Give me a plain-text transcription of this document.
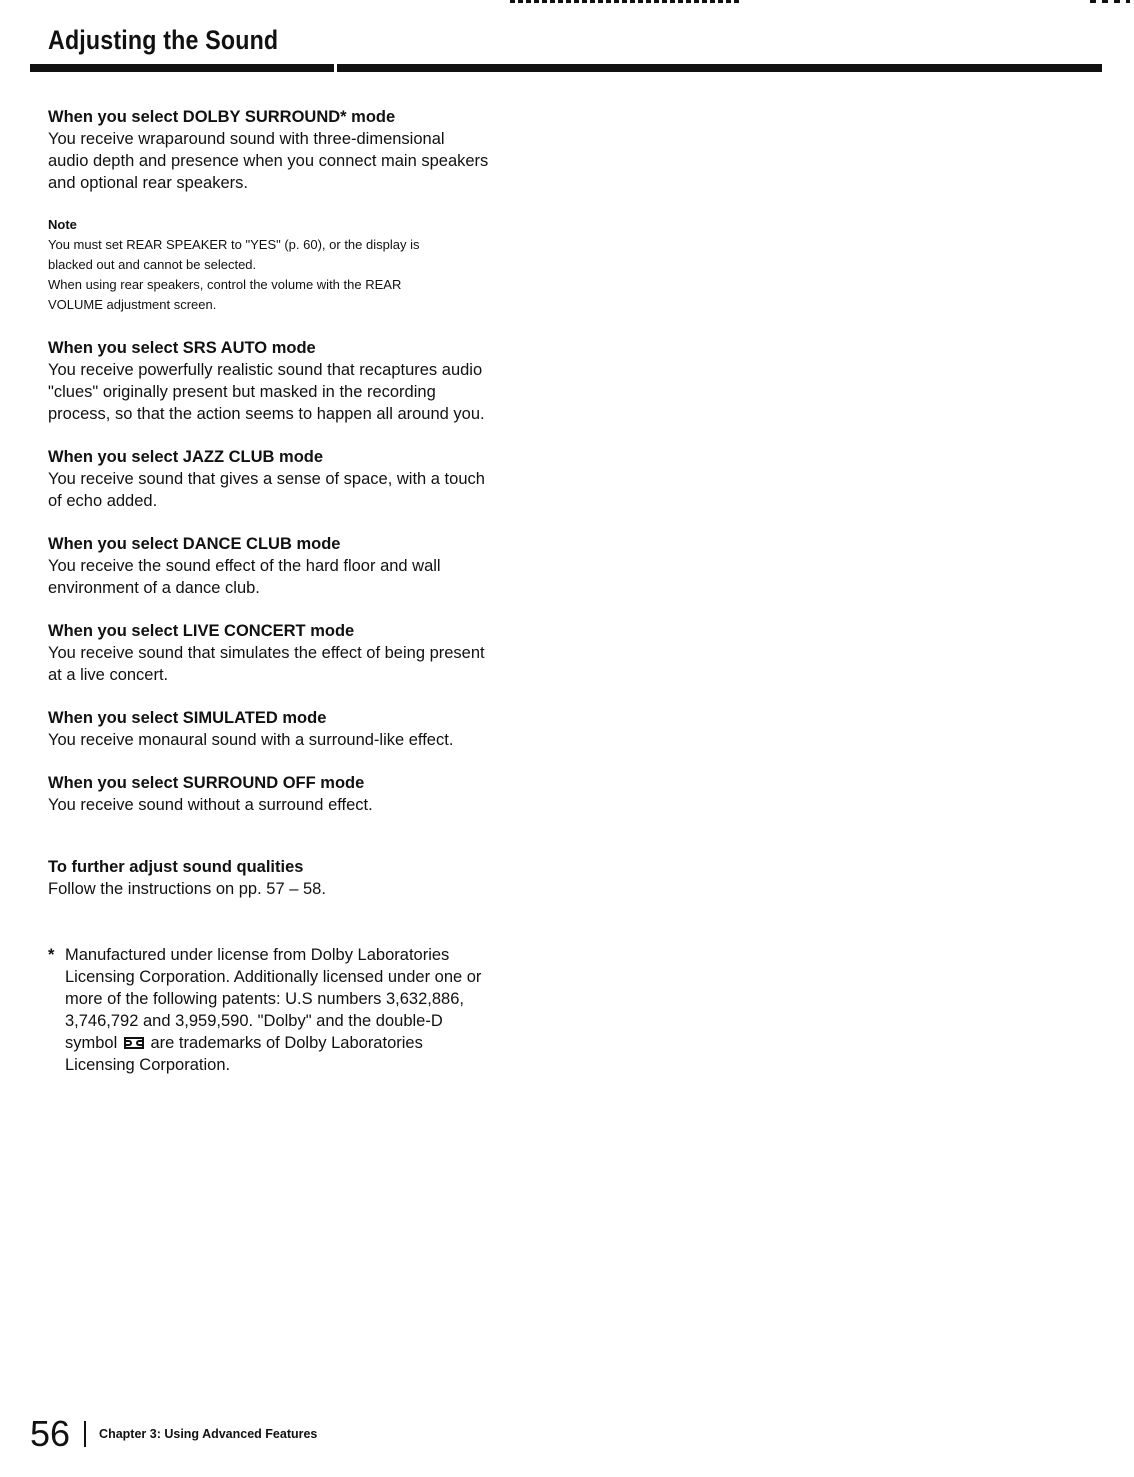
Adjusting the Sound
When you select DOLBY SURROUND* mode
You receive wraparound sound with three-dimensional
audio depth and presence when you connect main speakers
and optional rear speakers.
Note
You must set REAR SPEAKER to "YES" (p. 60), or the display is
blacked out and cannot be selected.
When using rear speakers, control the volume with the REAR
VOLUME adjustment screen.
When you select SRS AUTO mode
You receive powerfully realistic sound that recaptures audio
"clues" originally present but masked in the recording
process, so that the action seems to happen all around you.
When you select JAZZ CLUB mode
You receive sound that gives a sense of space, with a touch
of echo added.
When you select DANCE CLUB mode
You receive the sound effect of the hard floor and wall
environment of a dance club.
When you select LIVE CONCERT mode
You receive sound that simulates the effect of being present
at a live concert.
When you select SIMULATED mode
You receive monaural sound with a surround-like effect.
When you select SURROUND OFF mode
You receive sound without a surround effect.
To further adjust sound qualities
Follow the instructions on pp. 57 – 58.
* Manufactured under license from Dolby Laboratories
Licensing Corporation. Additionally licensed under one or
more of the following patents: U.S numbers 3,632,886,
3,746,792 and 3,959,590. "Dolby" and the double-D
symbol are trademarks of Dolby Laboratories
Licensing Corporation.
56 Chapter 3: Using Advanced Features
